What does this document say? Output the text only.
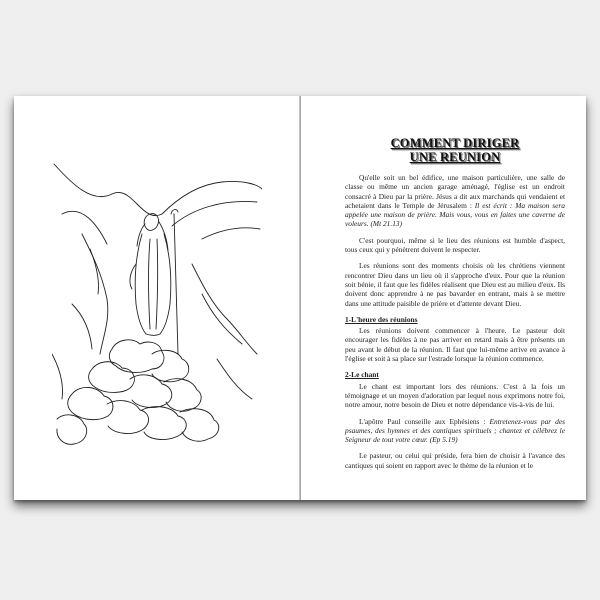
COMMENT DIRIGER UNE REUNION

Qu'elle soit un bel édifice, une maison particulière, une salle de classe ou même un ancien garage aménagé, l'église est un endroit consacré à Dieu par la prière. Jésus a dit aux marchands qui vendaient et achetaient dans le Temple de Jérusalem : Il est écrit : Ma maison sera appelée une maison de prière. Mais vous, vous en faites une caverne de voleurs. (Mt 21.13)

C'est pourquoi, même si le lieu des réunions est humble d'aspect, tous ceux qui y pénètrent doivent le respecter.

Les réunions sont des moments choisis où les chrétiens viennent rencontrer Dieu dans un lieu où il s'approche d'eux. Pour que la réunion soit bénie, il faut que les fidèles réalisent que Dieu est au milieu d'eux. Ils doivent donc apprendre à ne pas bavarder en entrant, mais à se mettre dans une attitude paisible de prière et d'attente devant Dieu.

1-L'heure des réunions

Les réunions doivent commencer à l'heure. Le pasteur doit encourager les fidèles à ne pas arriver en retard mais à être présents un peu avant le début de la réunion. Il faut que lui-même arrive en avance à l'église et soit à sa place sur l'estrade lorsque la réunion commence.

2-Le chant

Le chant est important lors des réunions. C'est à la fois un témoignage et un moyen d'adoration par lequel nous exprimons notre foi, notre amour, notre besoin de Dieu et notre dépendance vis-à-vis de lui.

L'apôtre Paul conseille aux Ephésiens : Entretenez-vous par des psaumes, des hymnes et des cantiques spirituels ; chantez et célébrez le Seigneur de tout votre cœur. (Ep 5.19)

Le pasteur, ou celui qui préside, fera bien de choisir à l'avance des cantiques qui soient en rapport avec le thème de la réunion et le
